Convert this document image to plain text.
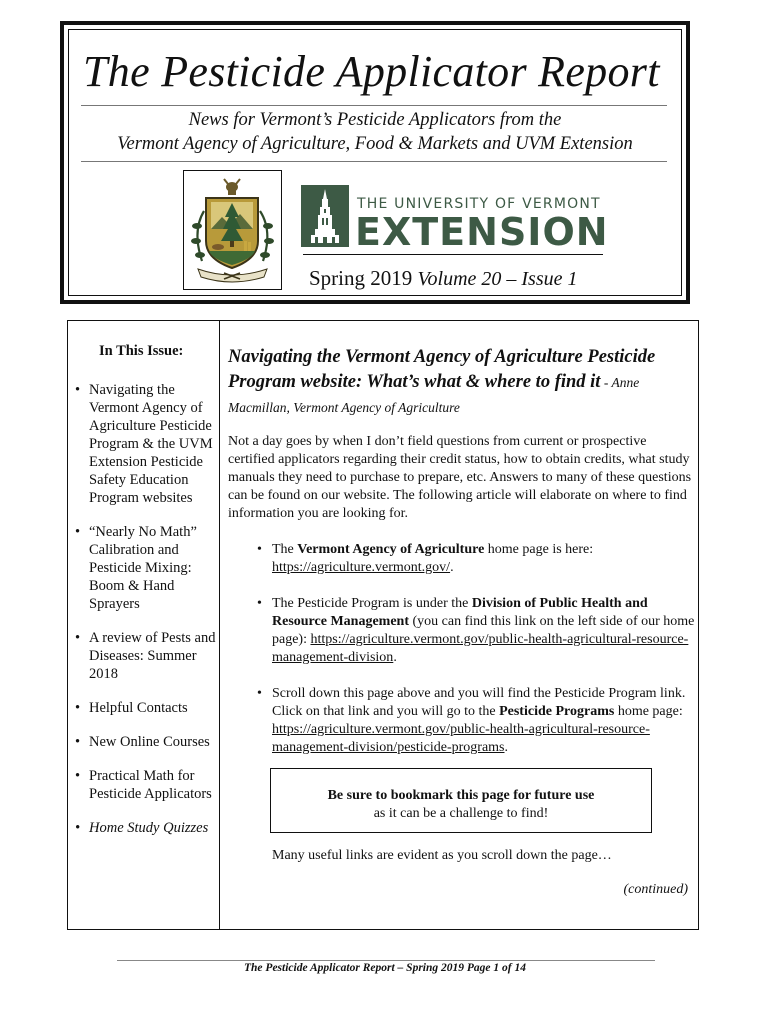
The Pesticide Applicator Report
News for Vermont’s Pesticide Applicators from the
Vermont Agency of Agriculture, Food & Markets and UVM Extension
THE UNIVERSITY OF VERMONT
EXTENSION
Spring 2019 Volume 20 – Issue 1
In This Issue:
• Navigating the Vermont Agency of Agriculture Pesticide Program & the UVM Extension Pesticide Safety Education Program websites
• “Nearly No Math” Calibration and Pesticide Mixing: Boom & Hand Sprayers
• A review of Pests and Diseases: Summer 2018
• Helpful Contacts
• New Online Courses
• Practical Math for Pesticide Applicators
• Home Study Quizzes
Navigating the Vermont Agency of Agriculture Pesticide Program website: What’s what & where to find it - Anne Macmillan, Vermont Agency of Agriculture

Not a day goes by when I don’t field questions from current or prospective certified applicators regarding their credit status, how to obtain credits, what study manuals they need to purchase to prepare, etc. Answers to many of these questions can be found on our website. The following article will elaborate on where to find information you are looking for.

• The Vermont Agency of Agriculture home page is here:
https://agriculture.vermont.gov/.
• The Pesticide Program is under the Division of Public Health and Resource Management (you can find this link on the left side of our home page): https://agriculture.vermont.gov/public-health-agricultural-resource-management-division.
• Scroll down this page above and you will find the Pesticide Program link. Click on that link and you will go to the Pesticide Programs home page: https://agriculture.vermont.gov/public-health-agricultural-resource-management-division/pesticide-programs.
Be sure to bookmark this page for future use
as it can be a challenge to find!
Many useful links are evident as you scroll down the page…
(continued)
The Pesticide Applicator Report – Spring 2019 Page 1 of 14
